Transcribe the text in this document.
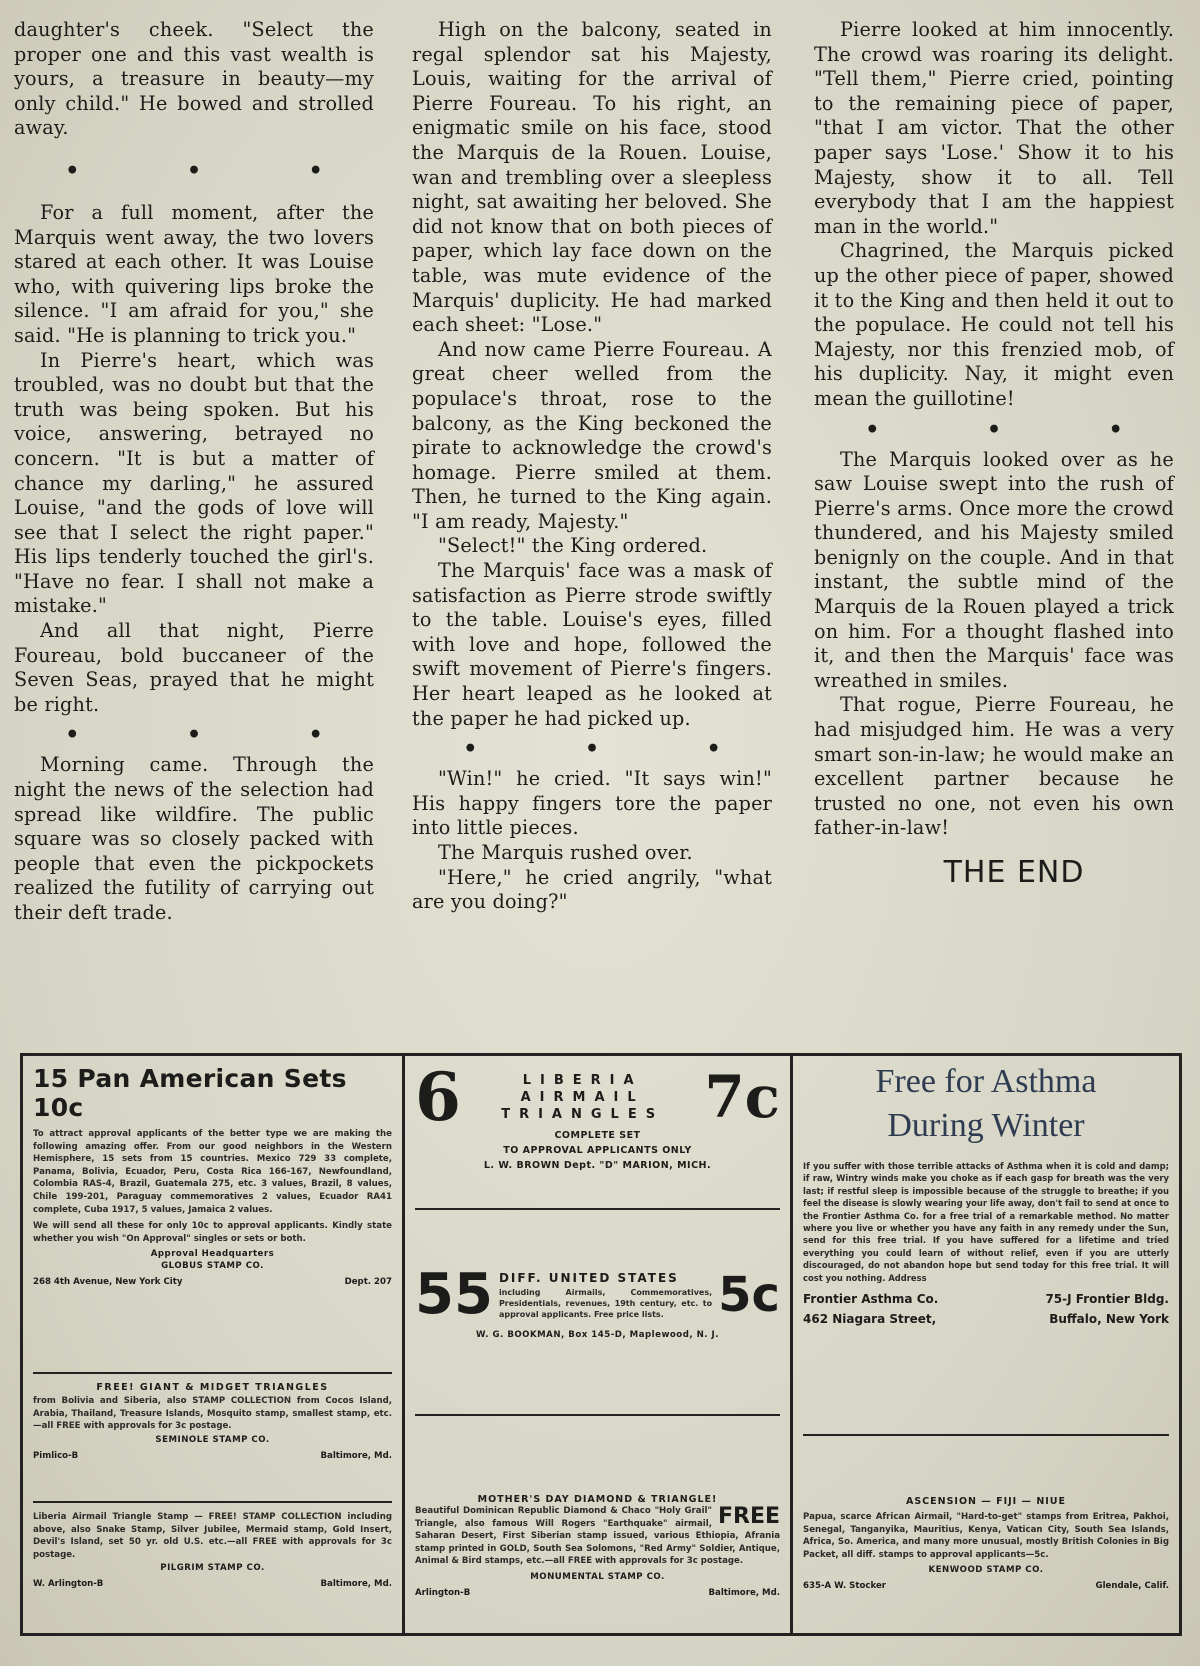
daughter's cheek. "Select the proper one and this vast wealth is yours, a treasure in beauty—my only child." He bowed and strolled away.

• • •

For a full moment, after the Marquis went away, the two lovers stared at each other. It was Louise who, with quivering lips broke the silence. "I am afraid for you," she said. "He is planning to trick you."

In Pierre's heart, which was troubled, was no doubt but that the truth was being spoken. But his voice, answering, betrayed no concern. "It is but a matter of chance my darling," he assured Louise, "and the gods of love will see that I select the right paper." His lips tenderly touched the girl's. "Have no fear. I shall not make a mistake."

And all that night, Pierre Foureau, bold buccaneer of the Seven Seas, prayed that he might be right.

• • •

Morning came. Through the night the news of the selection had spread like wildfire. The public square was so closely packed with people that even the pickpockets realized the futility of carrying out their deft trade.

High on the balcony, seated in regal splendor sat his Majesty, Louis, waiting for the arrival of Pierre Foureau. To his right, an enigmatic smile on his face, stood the Marquis de la Rouen. Louise, wan and trembling over a sleepless night, sat awaiting her beloved. She did not know that on both pieces of paper, which lay face down on the table, was mute evidence of the Marquis' duplicity. He had marked each sheet: "Lose."

And now came Pierre Foureau. A great cheer welled from the populace's throat, rose to the balcony, as the King beckoned the pirate to acknowledge the crowd's homage. Pierre smiled at them. Then, he turned to the King again. "I am ready, Majesty."

"Select!" the King ordered.

The Marquis' face was a mask of satisfaction as Pierre strode swiftly to the table. Louise's eyes, filled with love and hope, followed the swift movement of Pierre's fingers. Her heart leaped as he looked at the paper he had picked up.

• • •

"Win!" he cried. "It says win!" His happy fingers tore the paper into little pieces.

The Marquis rushed over.

"Here," he cried angrily, "what are you doing?"

Pierre looked at him innocently. The crowd was roaring its delight. "Tell them," Pierre cried, pointing to the remaining piece of paper, "that I am victor. That the other paper says 'Lose.' Show it to his Majesty, show it to all. Tell everybody that I am the happiest man in the world."

Chagrined, the Marquis picked up the other piece of paper, showed it to the King and then held it out to the populace. He could not tell his Majesty, nor this frenzied mob, of his duplicity. Nay, it might even mean the guillotine!

• • •

The Marquis looked over as he saw Louise swept into the rush of Pierre's arms. Once more the crowd thundered, and his Majesty smiled benignly on the couple. And in that instant, the subtle mind of the Marquis de la Rouen played a trick on him. For a thought flashed into it, and then the Marquis' face was wreathed in smiles.

That rogue, Pierre Foureau, he had misjudged him. He was a very smart son-in-law; he would make an excellent partner because he trusted no one, not even his own father-in-law!

THE END
15 Pan American Sets 10c
To attract approval applicants of the better type we are making the following amazing offer. From our good neighbors in the Western Hemisphere, 15 sets from 15 countries. Mexico 729 33 complete, Panama, Bolivia, Ecuador, Peru, Costa Rica 166-167, Newfoundland, Colombia RAS-4, Brazil, Guatemala 275, etc. 3 values, Brazil, 8 values, Chile 199-201, Paraguay commemoratives 2 values, Ecuador RA41 complete, Cuba 1917, 5 values, Jamaica 2 values.
We will send all these for only 10c to approval applicants. Kindly state whether you wish "On Approval" singles or sets or both.
Approval Headquarters
GLOBUS STAMP CO.
268 4th Avenue, New York City	Dept. 207
FREE! GIANT & MIDGET TRIANGLES
from Bolivia and Siberia, also STAMP COLLECTION from Cocos Island, Arabia, Thailand, Treasure Islands, Mosquito stamp, smallest stamp, etc.—all FREE with approvals for 3c postage.
SEMINOLE STAMP CO.
Pimlico-B	Baltimore, Md.
Liberia Airmail Triangle Stamp — FREE! STAMP COLLECTION including above, also Snake Stamp, Silver Jubilee, Mermaid stamp, Gold Insert, Devil's Island, set 50 yr. old U.S. etc.—all FREE with approvals for 3c postage.
PILGRIM STAMP CO.
W. Arlington-B	Baltimore, Md.
6	LIBERIA
AIRMAIL
TRIANGLES 7c
COMPLETE SET
TO APPROVAL APPLICANTS ONLY
L. W. BROWN Dept. "D" MARION, MICH.
55 DIFF. UNITED STATES
including Airmails, Commemoratives, Presidentials, revenues, 19th century, etc. to approval applicants. Free price lists.	5c
W. G. BOOKMAN, Box 145-D, Maplewood, N. J.
MOTHER'S DAY DIAMOND & TRIANGLE!
FREE
Beautiful Dominican Republic Diamond & Chaco "Holy Grail" Triangle, also famous Will Rogers "Earthquake" airmail, Saharan Desert, First Siberian stamp issued, various Ethiopia, Afrania stamp printed in GOLD, South Sea Solomons, "Red Army" Soldier, Antique, Animal & Bird stamps, etc.—all FREE with approvals for 3c postage.
MONUMENTAL STAMP CO.
Arlington-B	Baltimore, Md.
Free for Asthma
During Winter
If you suffer with those terrible attacks of Asthma when it is cold and damp; if raw, Wintry winds make you choke as if each gasp for breath was the very last; if restful sleep is impossible because of the struggle to breathe; if you feel the disease is slowly wearing your life away, don't fail to send at once to the Frontier Asthma Co. for a free trial of a remarkable method. No matter where you live or whether you have any faith in any remedy under the Sun, send for this free trial. If you have suffered for a lifetime and tried everything you could learn of without relief, even if you are utterly discouraged, do not abandon hope but send today for this free trial. It will cost you nothing. Address
Frontier Asthma Co.	75-J Frontier Bldg.
462 Niagara Street,	Buffalo, New York
ASCENSION — FIJI — NIUE
Papua, scarce African Airmail, "Hard-to-get" stamps from Eritrea, Pakhoi, Senegal, Tanganyika, Mauritius, Kenya, Vatican City, South Sea Islands, Africa, So. America, and many more unusual, mostly British Colonies in Big Packet, all diff. stamps to approval applicants—5c.
KENWOOD STAMP CO.
635-A W. Stocker	Glendale, Calif.
